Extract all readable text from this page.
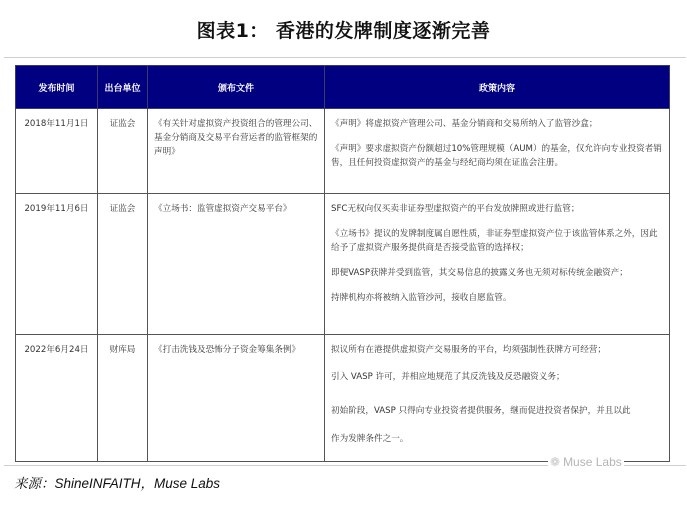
图表1： 香港的发牌制度逐渐完善
发布时间	出台单位	颁布文件	政策内容
2018年11月1日	证监会	《有关针对虚拟资产投资组合的管理公司、基金分销商及交易平台营运者的监管框架的声明》	《声明》将虚拟资产管理公司、基金分销商和交易所纳入了监管沙盒；

《声明》要求虚拟资产份额超过10%管理规模（AUM）的基金，仅允许向专业投资者销售，且任何投资虚拟资产的基金与经纪商均须在证监会注册。

2019年11月6日	证监会	《立场书：监管虚拟资产交易平台》	SFC无权向仅买卖非证券型虚拟资产的平台发放牌照或进行监管；

《立场书》提议的发牌制度属自愿性质，非证券型虚拟资产位于该监管体系之外，因此给予了虚拟资产服务提供商是否接受监管的选择权；

即便VASP获牌并受到监管，其交易信息的披露义务也无须对标传统金融资产；

持牌机构亦将被纳入监管沙河，接收自愿监管。

2022年6月24日	财库局	《打击洗钱及恐怖分子资金筹集条例》	拟议所有在港提供虚拟资产交易服务的平台，均须强制性获牌方可经营；

引入 VASP 许可，并相应地规范了其反洗钱及反恐融资义务；

初始阶段，VASP 只得向专业投资者提供服务，继而促进投资者保护，并且以此

作为发牌条件之一。

来源：ShineINFAITH，Muse Labs
❁ Muse Labs
